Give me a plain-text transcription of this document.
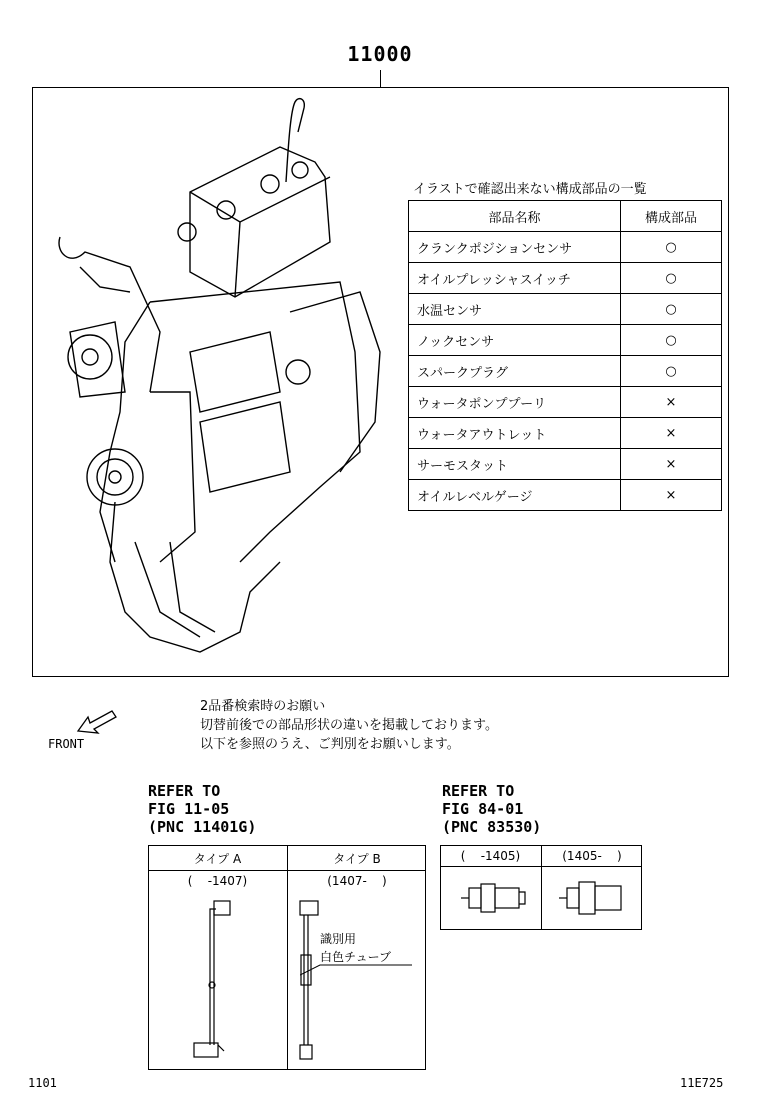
11000
イラストで確認出来ない構成部品の一覧
部品名称	構成部品
クランクポジションセンサ	○
オイルプレッシャスイッチ	○
水温センサ	○
ノックセンサ	○
スパークプラグ	○
ウォータポンププーリ	×
ウォータアウトレット	×
サーモスタット	×
オイルレベルゲージ	×
FRONT
2品番検索時のお願い
切替前後での部品形状の違いを掲載しております。
以下を参照のうえ、ご判別をお願いします。
REFER TO
FIG 11-05
(PNC 11401G)
REFER TO
FIG 84-01
(PNC 83530)
タイプ A	タイプ B
(    -1407)	(1407-    )
識別用
白色チューブ
(    -1405)	(1405-    )
1101	11E725
